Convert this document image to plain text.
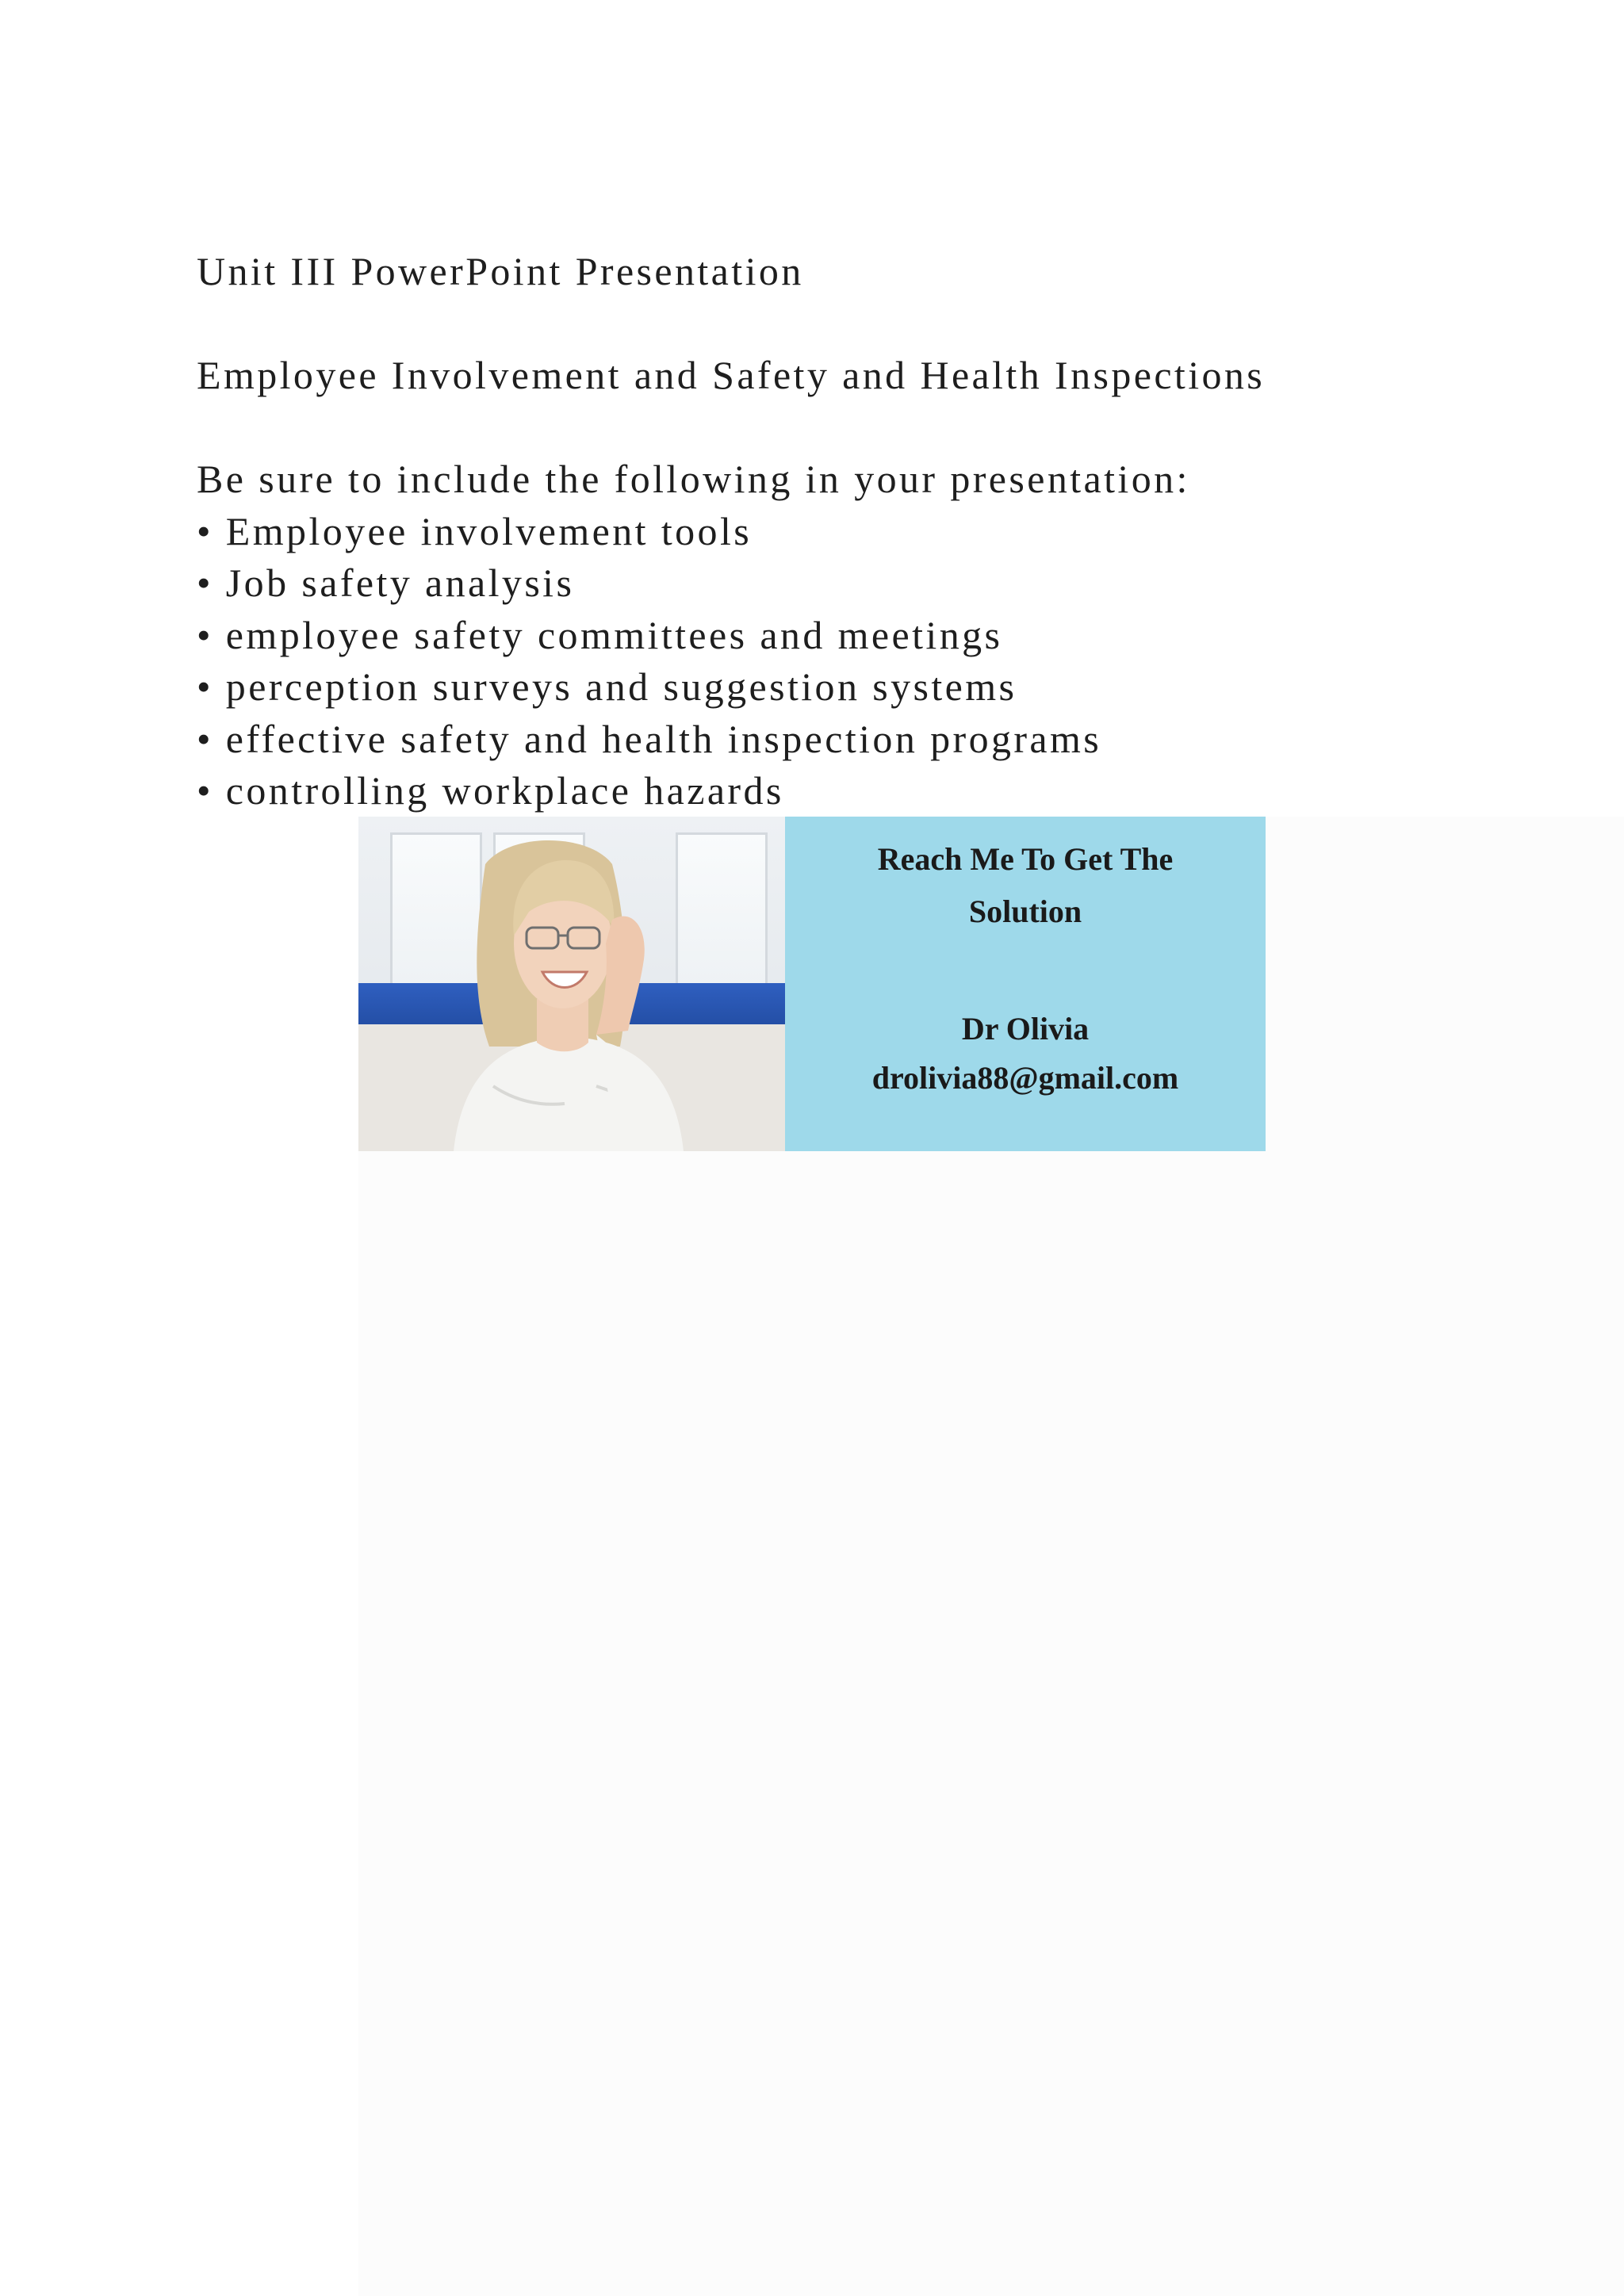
Unit III PowerPoint Presentation

Employee Involvement and Safety and Health Inspections

Be sure to include the following in your presentation:

• Employee involvement tools

• Job safety analysis

• employee safety committees and meetings

• perception surveys and suggestion systems

• effective safety and health inspection programs

• controlling workplace hazards

Reach Me To Get The
Solution
Dr Olivia
drolivia88@gmail.com
